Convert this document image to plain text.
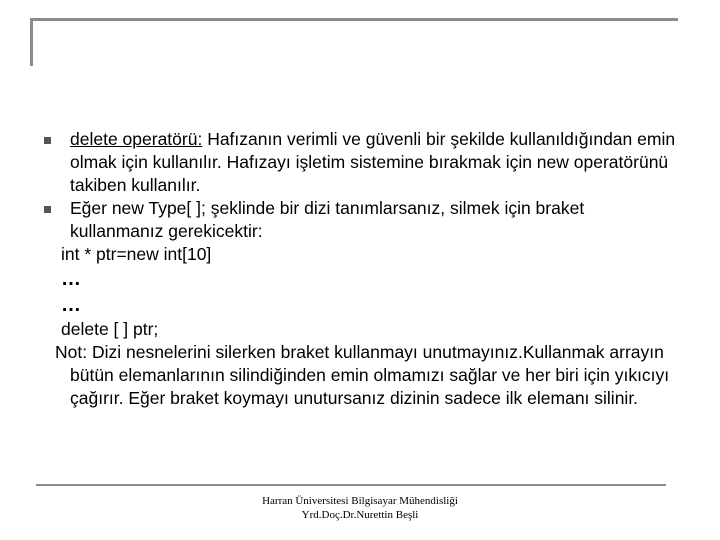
delete operatörü: Hafızanın verimli ve güvenli bir şekilde kullanıldığından emin olmak için kullanılır. Hafızayı işletim sistemine bırakmak için new operatörünü takiben kullanılır.

Eğer new Type[ ]; şeklinde bir dizi tanımlarsanız, silmek için braket kullanmanız gerekicektir:

int * ptr=new int[10]

…

…

delete [ ] ptr;

Not: Dizi nesnelerini silerken braket kullanmayı unutmayınız.Kullanmak arrayın bütün elemanlarının silindiğinden emin olmamızı sağlar ve her biri için yıkıcıyı çağırır. Eğer braket koymayı unutursanız dizinin sadece ilk elemanı silinir.

Harran Üniversitesi Bilgisayar Mühendisliği
Yrd.Doç.Dr.Nurettin Beşli
